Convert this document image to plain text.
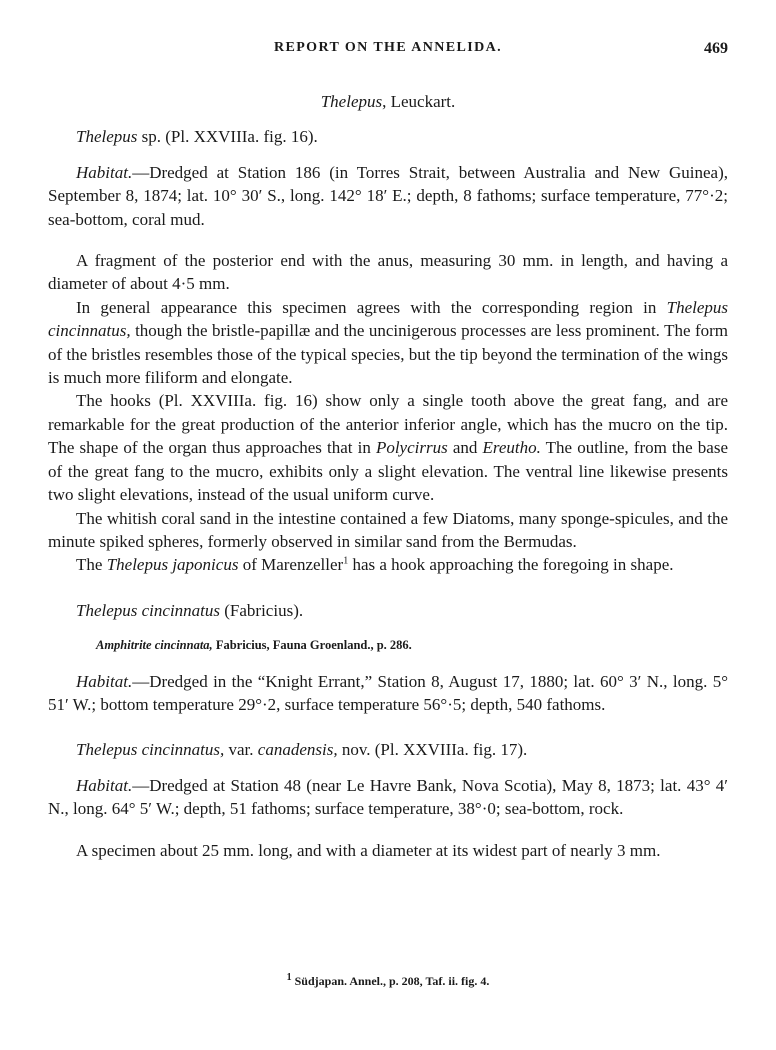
REPORT ON THE ANNELIDA.	469

Thelepus, Leuckart.

Thelepus sp. (Pl. XXVIIIa. fig. 16).

Habitat.—Dredged at Station 186 (in Torres Strait, between Australia and New Guinea), September 8, 1874; lat. 10° 30′ S., long. 142° 18′ E.; depth, 8 fathoms; surface temperature, 77°·2; sea-bottom, coral mud.

A fragment of the posterior end with the anus, measuring 30 mm. in length, and having a diameter of about 4·5 mm.

In general appearance this specimen agrees with the corresponding region in Thelepus cincinnatus, though the bristle-papillæ and the uncinigerous processes are less prominent. The form of the bristles resembles those of the typical species, but the tip beyond the termination of the wings is much more filiform and elongate.

The hooks (Pl. XXVIIIa. fig. 16) show only a single tooth above the great fang, and are remarkable for the great production of the anterior inferior angle, which has the mucro on the tip. The shape of the organ thus approaches that in Polycirrus and Ereutho. The outline, from the base of the great fang to the mucro, exhibits only a slight elevation. The ventral line likewise presents two slight elevations, instead of the usual uniform curve.

The whitish coral sand in the intestine contained a few Diatoms, many sponge-spicules, and the minute spiked spheres, formerly observed in similar sand from the Bermudas.

The Thelepus japonicus of Marenzeller$^1$ has a hook approaching the foregoing in shape.

Thelepus cincinnatus (Fabricius).

Amphitrite cincinnata, Fabricius, Fauna Groenland., p. 286.

Habitat.—Dredged in the “Knight Errant,” Station 8, August 17, 1880; lat. 60° 3′ N., long. 5° 51′ W.; bottom temperature 29°·2, surface temperature 56°·5; depth, 540 fathoms.

Thelepus cincinnatus, var. canadensis, nov. (Pl. XXVIIIa. fig. 17).

Habitat.—Dredged at Station 48 (near Le Havre Bank, Nova Scotia), May 8, 1873; lat. 43° 4′ N., long. 64° 5′ W.; depth, 51 fathoms; surface temperature, 38°·0; sea-bottom, rock.

A specimen about 25 mm. long, and with a diameter at its widest part of nearly 3 mm.

$^1$ Südjapan. Annel., p. 208, Taf. ii. fig. 4.
